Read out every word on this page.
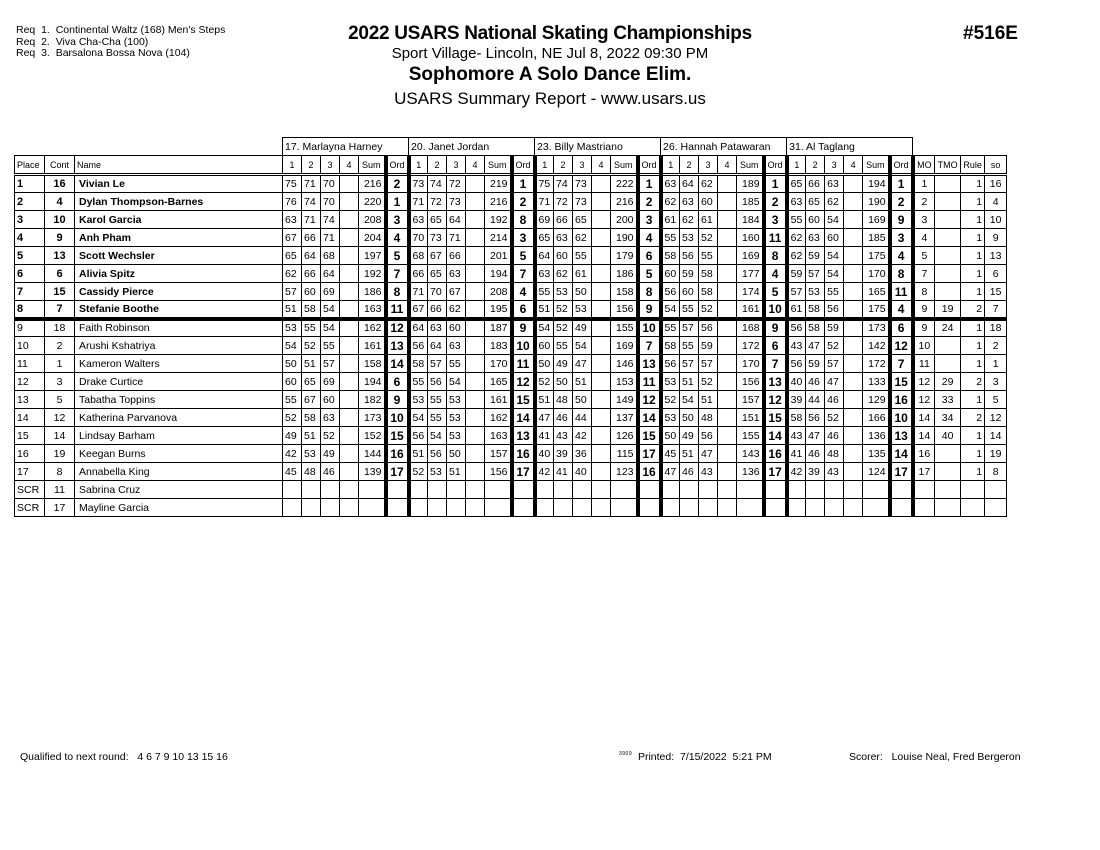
Req  1.  Continental Waltz (168) Men's Steps
Req  2.  Viva Cha-Cha (100)
Req  3.  Barsalona Bossa Nova (104)
2022 USARS National Skating Championships
Sport Village- Lincoln, NE Jul 8, 2022 09:30 PM
Sophomore A Solo Dance Elim.
USARS Summary Report - www.usars.us
#516E
			17. Marlayna Harney						20. Janet Jordan						23. Billy Mastriano						26. Hannah Patawaran						31. Al Taglang									
Place	Cont	Name	1	2	3	4	Sum	Ord	1	2	3	4	Sum	Ord	1	2	3	4	Sum	Ord	1	2	3	4	Sum	Ord	1	2	3	4	Sum	Ord	MO	TMO	Rule	so
1	16	Vivian Le	75	71	70		216	2	73	74	72		219	1	75	74	73		222	1	63	64	62		189	1	65	66	63		194	1	1		1	16
2	4	Dylan Thompson-Barnes	76	74	70		220	1	71	72	73		216	2	71	72	73		216	2	62	63	60		185	2	63	65	62		190	2	2		1	4
3	10	Karol Garcia	63	71	74		208	3	63	65	64		192	8	69	66	65		200	3	61	62	61		184	3	55	60	54		169	9	3		1	10
4	9	Anh Pham	67	66	71		204	4	70	73	71		214	3	65	63	62		190	4	55	53	52		160	11	62	63	60		185	3	4		1	9
5	13	Scott Wechsler	65	64	68		197	5	68	67	66		201	5	64	60	55		179	6	58	56	55		169	8	62	59	54		175	4	5		1	13
6	6	Alivia Spitz	62	66	64		192	7	66	65	63		194	7	63	62	61		186	5	60	59	58		177	4	59	57	54		170	8	7		1	6
7	15	Cassidy Pierce	57	60	69		186	8	71	70	67		208	4	55	53	50		158	8	56	60	58		174	5	57	53	55		165	11	8		1	15
8	7	Stefanie Boothe	51	58	54		163	11	67	66	62		195	6	51	52	53		156	9	54	55	52		161	10	61	58	56		175	4	9	19	2	7
9	18	Faith Robinson	53	55	54		162	12	64	63	60		187	9	54	52	49		155	10	55	57	56		168	9	56	58	59		173	6	9	24	1	18
10	2	Arushi Kshatriya	54	52	55		161	13	56	64	63		183	10	60	55	54		169	7	58	55	59		172	6	43	47	52		142	12	10		1	2
11	1	Kameron Walters	50	51	57		158	14	58	57	55		170	11	50	49	47		146	13	56	57	57		170	7	56	59	57		172	7	11		1	1
12	3	Drake Curtice	60	65	69		194	6	55	56	54		165	12	52	50	51		153	11	53	51	52		156	13	40	46	47		133	15	12	29	2	3
13	5	Tabatha Toppins	55	67	60		182	9	53	55	53		161	15	51	48	50		149	12	52	54	51		157	12	39	44	46		129	16	12	33	1	5
14	12	Katherina Parvanova	52	58	63		173	10	54	55	53		162	14	47	46	44		137	14	53	50	48		151	15	58	56	52		166	10	14	34	2	12
15	14	Lindsay Barham	49	51	52		152	15	56	54	53		163	13	41	43	42		126	15	50	49	56		155	14	43	47	46		136	13	14	40	1	14
16	19	Keegan Burns	42	53	49		144	16	51	56	50		157	16	40	39	36		115	17	45	51	47		143	16	41	46	48		135	14	16		1	19
17	8	Annabella King	45	48	46		139	17	52	53	51		156	17	42	41	40		123	16	47	46	43		136	17	42	39	43		124	17	17		1	8
SCR	11	Sabrina Cruz																																		
SCR	17	Mayline Garcia																																		
Qualified to next round: 4 6 7 9 10 13 15 16	$^{3909}$ Printed:  7/15/2022  5:21 PM	Scorer:   Louise Neal, Fred Bergeron
